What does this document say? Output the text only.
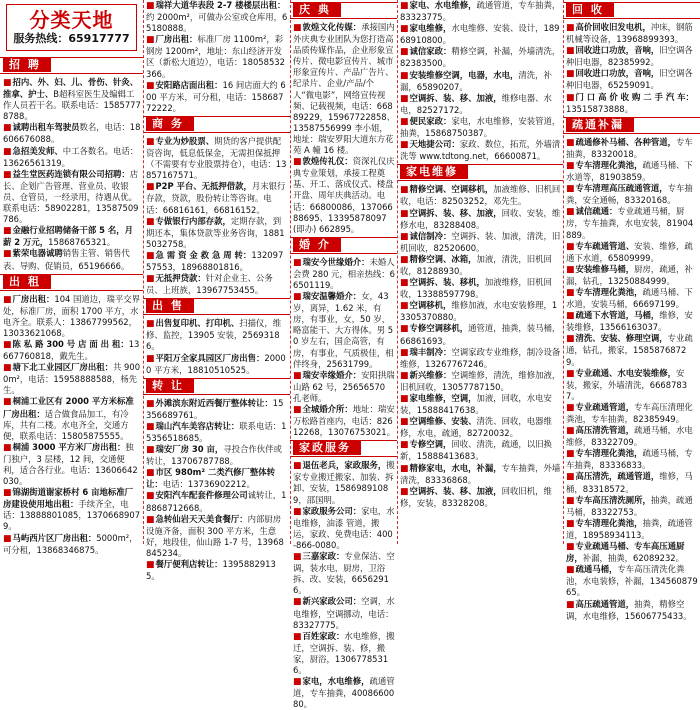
分类天地
服务热线：65917777
招 聘
■招内、外、妇、儿、骨伤、针灸、推拿、护士、B超科室医生及编辑工作人员若干名。联系电话：15857778788。
■诚聘出租车驾驶员数名，电话：18606676088。
■急招美发师、中工各数名。电话：13626561319。
■益生堂医药连锁有限公司招聘：店长、企划广告管理、营业员、收银员、仓管员，一经录用，待遇从优。联系电话：58902281，13587509786。
■金融行业招聘储备干部 5 名，月薪 2 万元，15868765321。
■紫荣电器诚聘销售主管、销售代表、导购、促销员，65196666。
出 租
■厂房出租：104 国道边，瑞平交界处，标准厂房，面积 1700 平方，水电齐全。联系人：13867799562，13033621068。
■陈 私 路 300 号 店 面 出 租：13667760818，戴先生。
■塘下北工业园区厂房出租：共 9000m²，电话：15958888588，杨先生。
■桐浦工业区有 2000 平方米标准厂房出租：适合做食品加工，有冷库，共有二楼。水电齐全，交通方便，联系电话：15805875555。
■桐浦 3000 平方米厂房出租：独门独户，3 层楼，12 间，交通便利，适合各行业。电话：13606642030。
■锦湖街道谢家桥村 6 亩地标准厂房建设使用地出租：手续齐全，电话：13888801085，13706689079。
■马屿西片区厂房出租：5000m²，可分租，13868346875。
■瑞祥大道华表段 2-7 楼楼层出租：约 2000m²，可做办公室或仓库用，65180888。
■厂房出租：标准厂房 1100m²，彩钢房 1200m²，地址：东山经济开发区（新松大道边），电话：18058532366。
■安阳路店面出租：16 间店面大约 600 平方米，可分租，电话：15868772222。
商 务
■专业为炒股票、期货的客户提供配资咨询，低息低保金，无需担保抵押（不需要有专业股票持仓），电话：13857167571。
■P2P 平台、无抵押借款，月末银行存款，贷款，股份转让等咨询。电话：66816161，66816152。
■专做银行内部存款，定期存款，到期还本，集体贷款等业务咨询，18815032758。
■急 需 资 金 救 急 周 转：13209757553，18968801816。
■无抵押贷款：针对企业主、公务员、上班族，13967753455。
出 售
■出售复印机、打印机、扫描仪，维修、监控，13905 安装，25693186。
■平阳万全家具园区厂房出售：20000 平方米，18810510525。
转 让
■外滩滨东附近西餐厅整体转让：15356689761。
■瑞山汽车美容店转让：联系电话：15356518685。
■瑞安厂房 30 亩，寻投合作伙伴或转让，13706787788。
■市区 980m² 二类汽修厂整体转让：电话：13736902212。
■安阳汽车配套件修理公司诚转让，18868712668。
■急转仙岩天天美食餐厅：内部厨房设施齐备，面积 300 平方米，生意好，地段佳，仙山路 1-7 号，13968845234。
■餐厅便利店转让：13958829135。
庆 典
■敦煌文化传媒：承接国内外庆典专业团队为您打造高品质传媒作品，企业形象宣传片、微电影宣传片、城市形象宣传片、产品广告片、纪录片、企业/产品/个人“微电影”，网络宣传视频、记载视频，电话：66889229，15967722858、13587556999 李小姐，地址：瑞安罗阳大道东方花苑 A 幢 16 楼。
■敦煌传礼仪：资深礼仪庆典专业策划，承接工程奠基、开工、落成仪式、楼盘开盘、周年庆典活动。电话：66800086，13706688695、13395878097(即办) 662895。
婚 介
■瑞安今世缘婚介：未婚人会费 280 元，相亲热线：66501119。
■瑞安温馨婚介：女，43 岁，离异，1.62 米，有房，有事业，女，50 岁，略富能干、大方得体。男 50 岁左右，国企高管，有房，有事业，气质极佳，相伴终身，25631799。
■瑞安幸缘婚介：安阳拱瑞山路 62 号，25656570 孔老师。
■全城婚介所：地址：瑞安万松路首座内，电话：82612268，13076753021。
家政服务
■退伍老兵，家政服务，搬家专业搬迁搬家、加装、拆卸、安装，15869891089，邵国明。
■家政服务公司：家电，水电维修，油漆 管道，搬运，家政、免费电话：400-866-0080。
■三嘉家政：专业保洁、空调，装水电，厨房，卫浴拆、改、安装，66562916。
■新兴家政公司：空调，水电维修，空调挪动，电话：83327775。
■百姓家政：水电维修，搬迁，空调拆、装、修，搬家，厨浴，13067785316。
■家电，水电维修，疏通管道，专车抽粪，4008660080。
■家电、水电维修，疏通管道，专车抽粪，83323775。
■家电维修，水电维修、安装、设计，18968910800。
■诚信家政：精修空调，补漏，外墙清洗，82383500。
■安装维修空调，电器，水电，清洗，补漏，65890207。
■空调拆、装、移、加液，维修电器、水电，82527172。
■便民家政：家电，水电维修，安装管道，抽粪，15868750387。
■天地捷公司：家政、数位，拓荒，外墙清洗等 www.tdtong.net，66600871。
家电维修
■精修空调、空调移机，加液维修、旧机回收，电话：82503252，邓先生。
■空调拆、装、移、加液，回收、安装，维修水电，83288408。
■诚信制冷：空调拆、装、加液，清洗，旧机回收，82520600。
■精修空调、冰箱，加液，清洗，旧机回收，81288930。
■空调拆、装、移机，加液维修，旧机回收，13388597798。
■空调移机，维修加液，水电安装修理，13305370880。
■专修空调移机，通管道，抽粪，装马桶，66861693。
■瑞丰制冷：空调家政专业维修，制冷设备维修，13267767246。
■新兴维修：空调维修，清洗，维修加液，旧机回收，13057787150。
■家电维修，空调，加液，回收，水电安装，15888417638。
■空调维修、安装、清洗、回收，电器维修，水电，疏通，82720032。
■专修空调，回收、清洗，疏通，以旧换新，15888413683。
■精修家电，水电，补漏，专车抽粪，外墙清洗，83336868。
■空调拆、装、移、加液，回收旧机，维修，安装，83328208。
回 收
■高价回收旧发电机，冲床，钢筋机械等设备，13968899393。
■回收进口功放，音响，旧空调各种旧电器，82385992。
■回收进口功放，音响，旧空调各种旧电器，65259091。
■门 口 高 价 收 购 二 手 汽 车：13515873888。
疏通补漏
■疏通修补马桶、各种管道，专车抽粪，83320018。
■专车清理化粪池，疏通马桶、下水道等，81903859。
■专车清理高压疏通管道，专车抽粪，安全通畅，83320168。
■诚信疏通：专业疏通马桶，厨房，专车抽粪，水电安装，81904889。
■专车疏通管道、安装、维修，疏通下水道，65809999。
■安装维修马桶，厨房，疏通，补漏，钻孔，13250884999。
■专车清理化粪池，疏通马桶、下水道，安装马桶，66697199。
■疏通下水管道，马桶，维修，安装维修，13566163037。
■清洗、安装、修理空调，专业疏通，钻孔，搬家，15858768729。
■专业疏通、水电安装维修，安装，搬家，外墙清洗，66687837。
■专业疏通管道，专车高压清理化粪池，专车抽粪，82385949。
■高压清洗管道，疏通马桶，水电维修，83322709。
■专车清理化粪池，疏通马桶，专车抽粪，83336833。
■高压清洗，疏通管道，维修，马桶，83318572。
■专车高压清洗厕所，抽粪，疏通马桶，83322753。
■专车清理化粪池，抽粪，疏通管道，18958934113。
■专业疏通马桶、专车高压通厨房，补漏，抽粪，62089232。
■疏通马桶，专车高压清洗化粪池，水电装修，补漏，13456087965。
■高压疏通管道，抽粪，精修空调，水电维修，15606775433。
